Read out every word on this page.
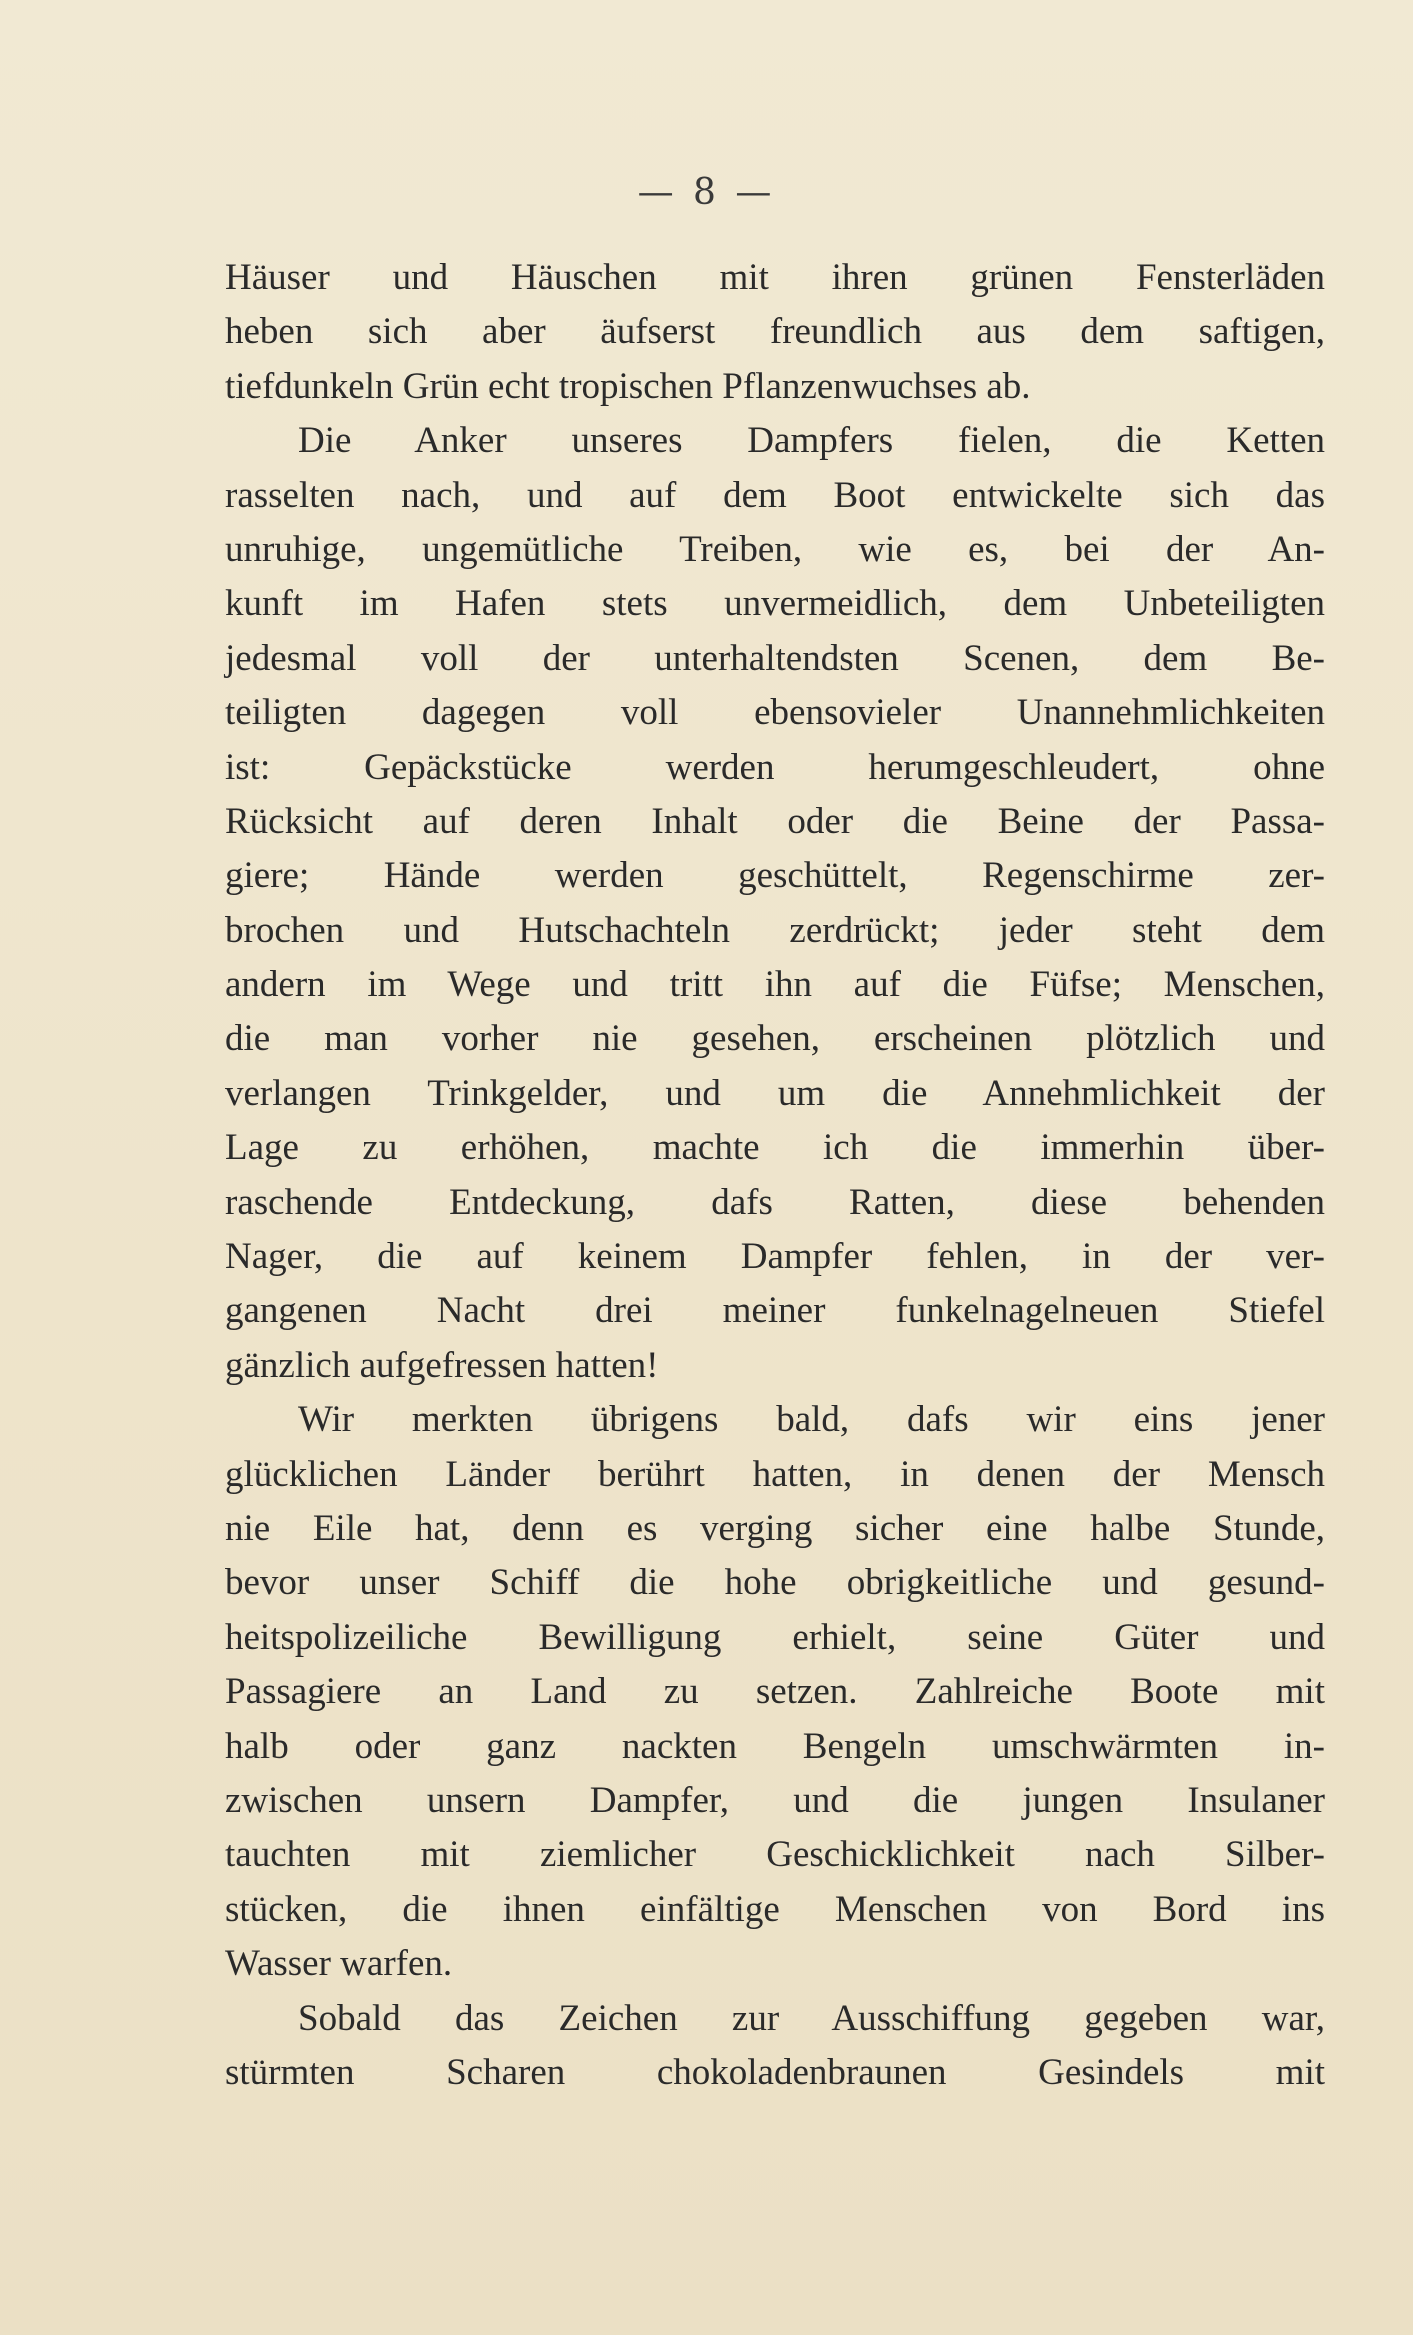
— 8 —
Häuser und Häuschen mit ihren grünen Fensterläden
heben sich aber äufserst freundlich aus dem saftigen,
tiefdunkeln Grün echt tropischen Pflanzenwuchses ab.
Die Anker unseres Dampfers fielen, die Ketten
rasselten nach, und auf dem Boot entwickelte sich das
unruhige, ungemütliche Treiben, wie es, bei der An-
kunft im Hafen stets unvermeidlich, dem Unbeteiligten
jedesmal voll der unterhaltendsten Scenen, dem Be-
teiligten dagegen voll ebensovieler Unannehmlichkeiten
ist: Gepäckstücke werden herumgeschleudert, ohne
Rücksicht auf deren Inhalt oder die Beine der Passa-
giere; Hände werden geschüttelt, Regenschirme zer-
brochen und Hutschachteln zerdrückt; jeder steht dem
andern im Wege und tritt ihn auf die Füfse; Menschen,
die man vorher nie gesehen, erscheinen plötzlich und
verlangen Trinkgelder, und um die Annehmlichkeit der
Lage zu erhöhen, machte ich die immerhin über-
raschende Entdeckung, dafs Ratten, diese behenden
Nager, die auf keinem Dampfer fehlen, in der ver-
gangenen Nacht drei meiner funkelnagelneuen Stiefel
gänzlich aufgefressen hatten!
Wir merkten übrigens bald, dafs wir eins jener
glücklichen Länder berührt hatten, in denen der Mensch
nie Eile hat, denn es verging sicher eine halbe Stunde,
bevor unser Schiff die hohe obrigkeitliche und gesund-
heitspolizeiliche Bewilligung erhielt, seine Güter und
Passagiere an Land zu setzen. Zahlreiche Boote mit
halb oder ganz nackten Bengeln umschwärmten in-
zwischen unsern Dampfer, und die jungen Insulaner
tauchten mit ziemlicher Geschicklichkeit nach Silber-
stücken, die ihnen einfältige Menschen von Bord ins
Wasser warfen.
Sobald das Zeichen zur Ausschiffung gegeben war,
stürmten Scharen chokoladenbraunen Gesindels mit
